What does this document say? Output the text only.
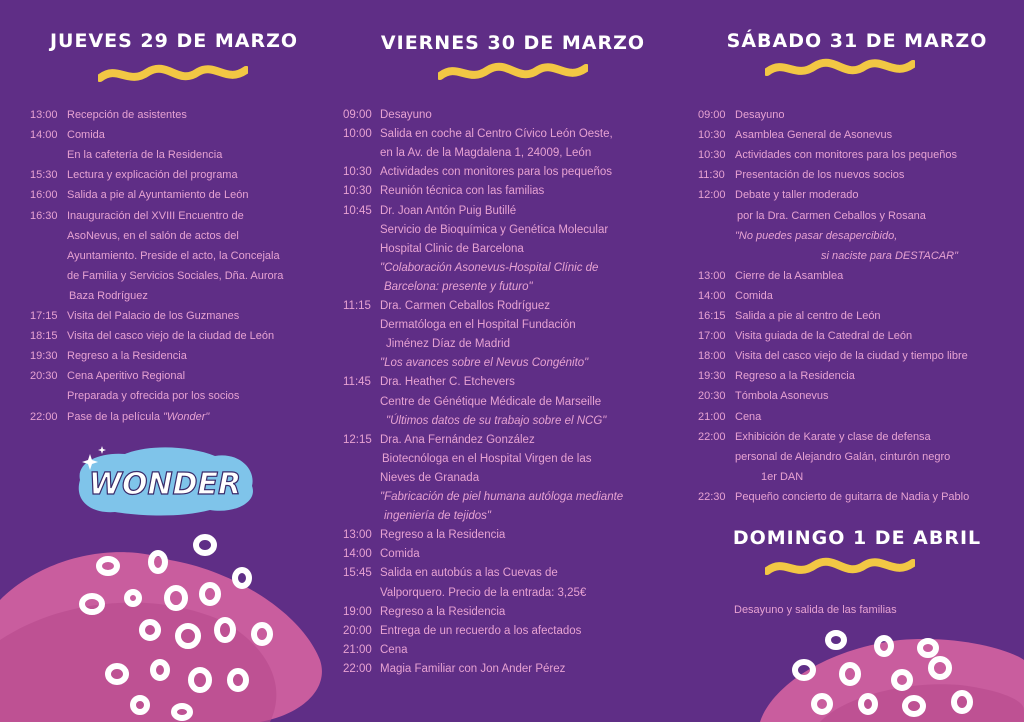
JUEVES 29 DE MARZO
13:00 Recepción de asistentes
14:00 Comida
En la cafetería de la Residencia
15:30 Lectura y explicación del programa
16:00 Salida a pie al Ayuntamiento de León
16:30 Inauguración del XVIII Encuentro de
AsoNevus, en el salón de actos del
Ayuntamiento. Preside el acto, la Concejala
de Familia y Servicios Sociales, Dña. Aurora
Baza Rodríguez
17:15 Visita del Palacio de los Guzmanes
18:15 Visita del casco viejo de la ciudad de León
19:30 Regreso a la Residencia
20:30 Cena Aperitivo Regional
Preparada y ofrecida por los socios
22:00 Pase de la película "Wonder"
WONDER
VIERNES 30 DE MARZO
09:00 Desayuno
10:00 Salida en coche al Centro Cívico León Oeste,
en la Av. de la Magdalena 1, 24009, León
10:30 Actividades con monitores para los pequeños
10:30 Reunión técnica con las familias
10:45 Dr. Joan Antón Puig Butillé
Servicio de Bioquímica y Genética Molecular
Hospital Clinic de Barcelona
"Colaboración Asonevus-Hospital Clínic de
Barcelona: presente y futuro"
11:15 Dra. Carmen Ceballos Rodríguez
Dermatóloga en el Hospital Fundación
Jiménez Díaz de Madrid
"Los avances sobre el Nevus Congénito"
11:45 Dra. Heather C. Etchevers
Centre de Génétique Médicale de Marseille
"Últimos datos de su trabajo sobre el NCG"
12:15 Dra. Ana Fernández González
Biotecnóloga en el Hospital Virgen de las
Nieves de Granada
"Fabricación de piel humana autóloga mediante
ingeniería de tejidos"
13:00 Regreso a la Residencia
14:00 Comida
15:45 Salida en autobús a las Cuevas de
Valporquero. Precio de la entrada: 3,25€
19:00 Regreso a la Residencia
20:00 Entrega de un recuerdo a los afectados
21:00 Cena
22:00 Magia Familiar con Jon Ander Pérez
SÁBADO 31 DE MARZO
09:00 Desayuno
10:30 Asamblea General de Asonevus
10:30 Actividades con monitores para los pequeños
11:30 Presentación de los nuevos socios
12:00 Debate y taller moderado
por la Dra. Carmen Ceballos y Rosana
"No puedes pasar desapercibido,
si naciste para DESTACAR"
13:00 Cierre de la Asamblea
14:00 Comida
16:15 Salida a pie al centro de León
17:00 Visita guiada de la Catedral de León
18:00 Visita del casco viejo de la ciudad y tiempo libre
19:30 Regreso a la Residencia
20:30 Tómbola Asonevus
21:00 Cena
22:00 Exhibición de Karate y clase de defensa
personal de Alejandro Galán, cinturón negro
1er DAN
22:30 Pequeño concierto de guitarra de Nadia y Pablo
DOMINGO 1 DE ABRIL
Desayuno y salida de las familias
